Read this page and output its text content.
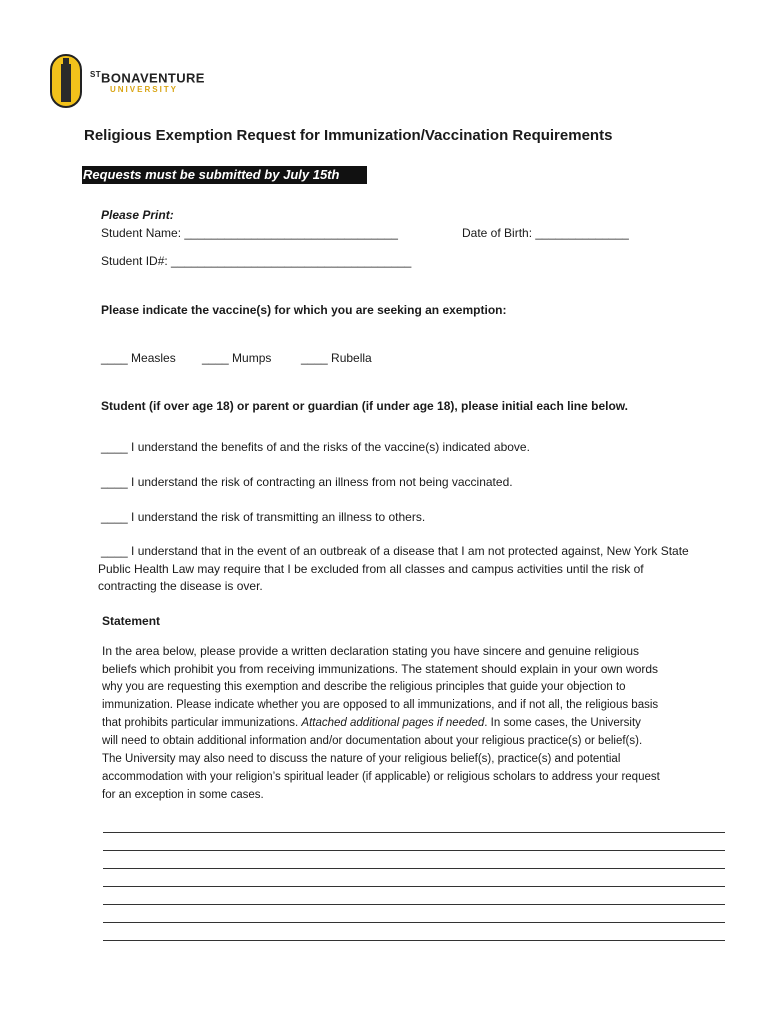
$^{ST}$BONAVENTURE
UNIVERSITY
Religious Exemption Request for Immunization/Vaccination Requirements
Requests must be submitted by July 15th
Please Print:
Student Name: ________________________________	Date of Birth: ______________
Student ID#: ____________________________________
Please indicate the vaccine(s) for which you are seeking an exemption:
____ Measles ____ Mumps ____ Rubella
Student (if over age 18) or parent or guardian (if under age 18), please initial each line below.
____ I understand the benefits of and the risks of the vaccine(s) indicated above.
____ I understand the risk of contracting an illness from not being vaccinated.
____ I understand the risk of transmitting an illness to others.

____ I understand that in the event of an outbreak of a disease that I am not protected against, New York State

Public Health Law may require that I be excluded from all classes and campus activities until the risk of

contracting the disease is over.

Statement

In the area below, please provide a written declaration stating you have sincere and genuine religious

beliefs which prohibit you from receiving immunizations. The statement should explain in your own words

why you are requesting this exemption and describe the religious principles that guide your objection to

immunization. Please indicate whether you are opposed to all immunizations, and if not all, the religious basis

that prohibits particular immunizations. Attached additional pages if needed. In some cases, the University

will need to obtain additional information and/or documentation about your religious practice(s) or belief(s).

The University may also need to discuss the nature of your religious belief(s), practice(s) and potential

accommodation with your religion’s spiritual leader (if applicable) or religious scholars to address your request

for an exception in some cases.
